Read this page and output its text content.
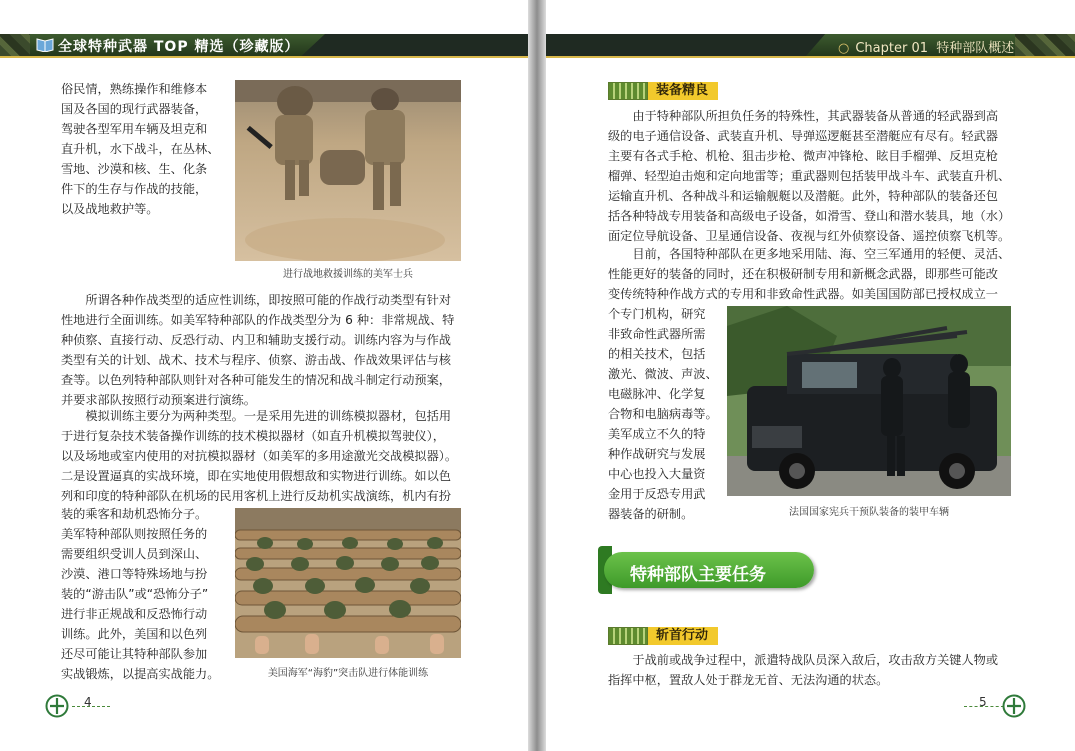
全球特种武器 TOP 精选（珍藏版）
俗民情，熟练操作和维修本
国及各国的现行武器装备，
驾驶各型军用车辆及坦克和
直升机，水下战斗，在丛林、
雪地、沙漠和核、生、化条
件下的生存与作战的技能，
以及战地救护等。
进行战地救援训练的美军士兵
所谓各种作战类型的适应性训练，即按照可能的作战行动类型有针对
性地进行全面训练。如美军特种部队的作战类型分为 6 种：非常规战、特
种侦察、直接行动、反恐行动、内卫和辅助支援行动。训练内容为与作战
类型有关的计划、战术、技术与程序、侦察、游击战、作战效果评估与核
查等。以色列特种部队则针对各种可能发生的情况和战斗制定行动预案，
并要求部队按照行动预案进行演练。
模拟训练主要分为两种类型。一是采用先进的训练模拟器材，包括用
于进行复杂技术装备操作训练的技术模拟器材（如直升机模拟驾驶仪），
以及场地或室内使用的对抗模拟器材（如美军的多用途激光交战模拟器）。
二是设置逼真的实战环境，即在实地使用假想敌和实物进行训练。如以色
列和印度的特种部队在机场的民用客机上进行反劫机实战演练，机内有扮
装的乘客和劫机恐怖分子。
美军特种部队则按照任务的
需要组织受训人员到深山、
沙漠、港口等特殊场地与扮
装的“游击队”或“恐怖分子”
进行非正规战和反恐怖行动
训练。此外，美国和以色列
还尽可能让其特种部队参加
实战锻炼，以提高实战能力。	美国海军“海豹”突击队进行体能训练
4
○ Chapter 01 特种部队概述
装备精良
由于特种部队所担负任务的特殊性，其武器装备从普通的轻武器到高
级的电子通信设备、武装直升机、导弹巡逻艇甚至潜艇应有尽有。轻武器
主要有各式手枪、机枪、狙击步枪、微声冲锋枪、眩目手榴弹、反坦克枪
榴弹、轻型迫击炮和定向地雷等；重武器则包括装甲战斗车、武装直升机、
运输直升机、各种战斗和运输舰艇以及潜艇。此外，特种部队的装备还包
括各种特战专用装备和高级电子设备，如滑雪、登山和潜水装具，地（水）
面定位导航设备、卫星通信设备、夜视与红外侦察设备、遥控侦察飞机等。
目前，各国特种部队在更多地采用陆、海、空三军通用的轻便、灵活、
性能更好的装备的同时，还在积极研制专用和新概念武器，即那些可能改
变传统特种作战方式的专用和非致命性武器。如美国国防部已授权成立一
个专门机构，研究
非致命性武器所需
的相关技术，包括
激光、微波、声波、
电磁脉冲、化学复
合物和电脑病毒等。
美军成立不久的特
种作战研究与发展
中心也投入大量资
金用于反恐专用武
器装备的研制。	法国国家宪兵干预队装备的装甲车辆
特种部队主要任务
斩首行动
于战前或战争过程中，派遣特战队员深入敌后，攻击敌方关键人物或
指挥中枢，置敌人处于群龙无首、无法沟通的状态。
5
